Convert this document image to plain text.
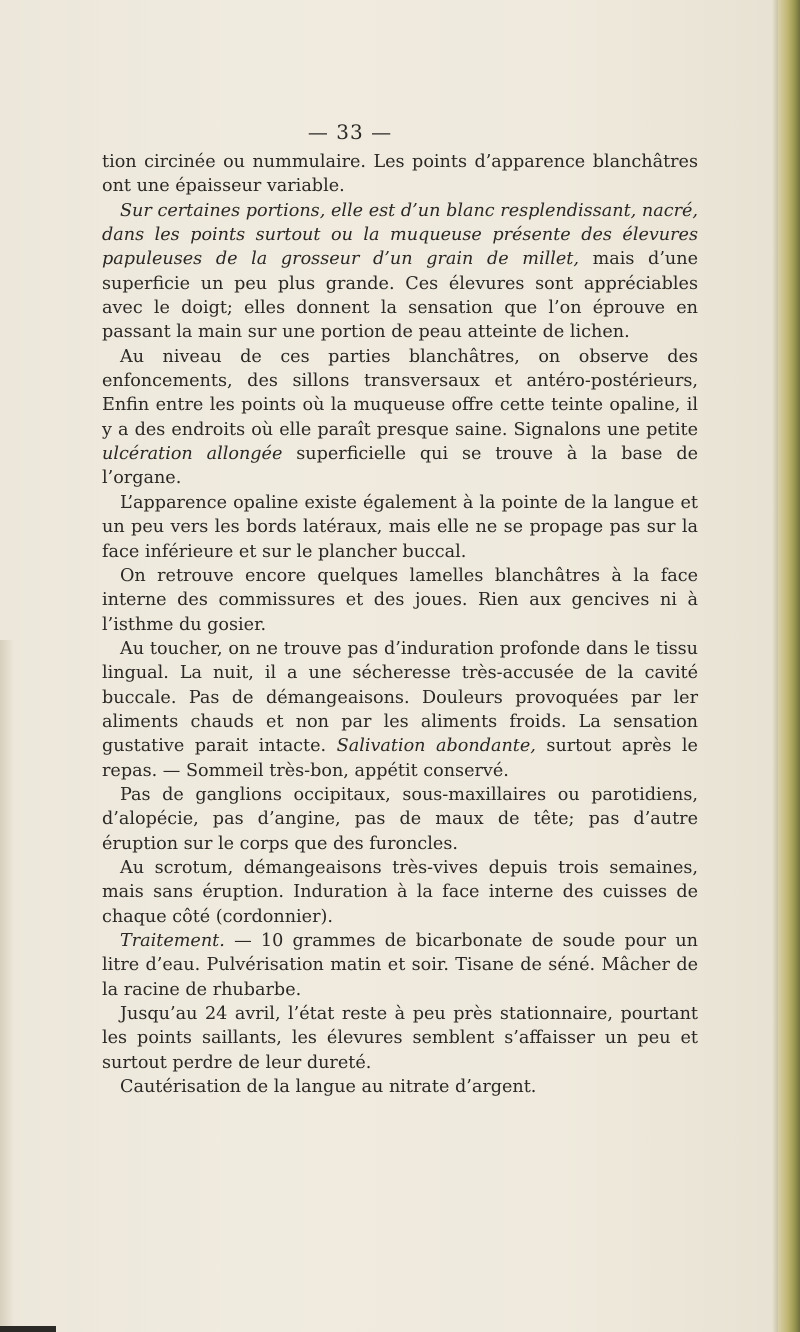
— 33 —

tion circinée ou nummulaire. Les points d’apparence blanchâtres ont une épaisseur variable.

Sur certaines portions, elle est d’un blanc resplendissant, nacré, dans les points surtout ou la muqueuse présente des élevures papuleuses de la grosseur d’un grain de millet, mais d’une superficie un peu plus grande. Ces élevures sont appréciables avec le doigt; elles donnent la sensation que l’on éprouve en passant la main sur une portion de peau atteinte de lichen.

Au niveau de ces parties blanchâtres, on observe des enfoncements, des sillons transversaux et antéro-postérieurs, Enfin entre les points où la muqueuse offre cette teinte opaline, il y a des endroits où elle paraît presque saine. Signalons une petite ulcération allongée superficielle qui se trouve à la base de l’organe.

L’apparence opaline existe également à la pointe de la langue et un peu vers les bords latéraux, mais elle ne se propage pas sur la face inférieure et sur le plancher buccal.

On retrouve encore quelques lamelles blanchâtres à la face interne des commissures et des joues. Rien aux gencives ni à l’isthme du gosier.

Au toucher, on ne trouve pas d’induration profonde dans le tissu lingual. La nuit, il a une sécheresse très-accusée de la cavité buccale. Pas de démangeaisons. Douleurs provoquées par ler aliments chauds et non par les aliments froids. La sensation gustative parait intacte. Salivation abondante, surtout après le repas. — Sommeil très-bon, appétit conservé.

Pas de ganglions occipitaux, sous-maxillaires ou parotidiens, d’alopécie, pas d’angine, pas de maux de tête; pas d’autre éruption sur le corps que des furoncles.

Au scrotum, démangeaisons très-vives depuis trois semaines, mais sans éruption. Induration à la face interne des cuisses de chaque côté (cordonnier).

Traitement. — 10 grammes de bicarbonate de soude pour un litre d’eau. Pulvérisation matin et soir. Tisane de séné. Mâcher de la racine de rhubarbe.

Jusqu’au 24 avril, l’état reste à peu près stationnaire, pourtant les points saillants, les élevures semblent s’affaisser un peu et surtout perdre de leur dureté.

Cautérisation de la langue au nitrate d’argent.
